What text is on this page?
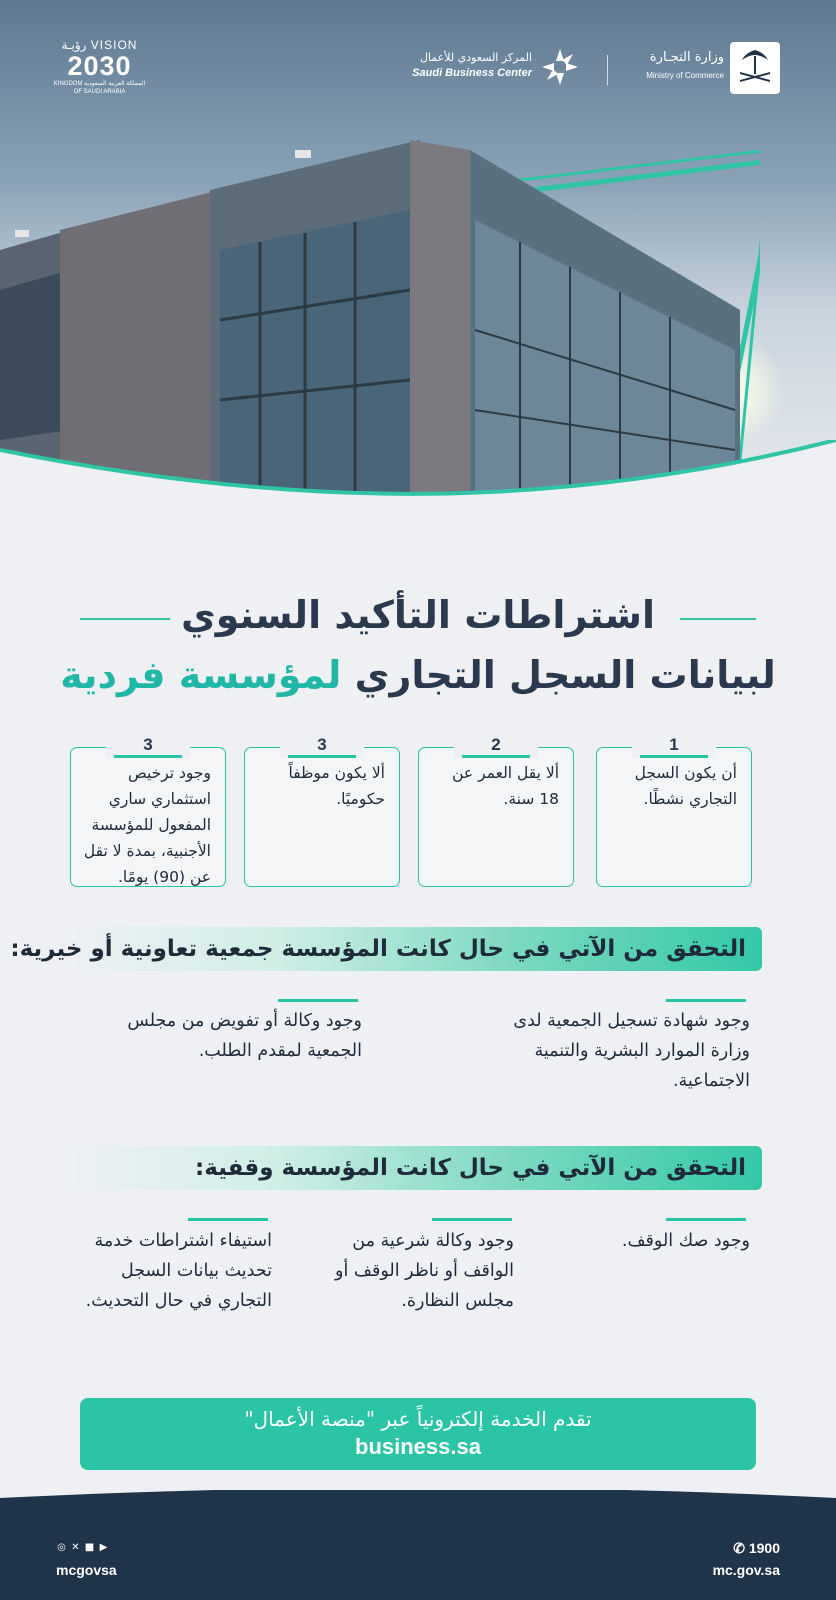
VISION رؤيـة
2030
المملكة العربية السعودية KINGDOM OF SAUDI ARABIA
المركز السعودي للأعمال
Saudi Business Center
وزارة التجـارة
Ministry of Commerce
اشتراطات التأكيد السنوي
لبيانات السجل التجاري لمؤسسة فردية
أن يكون السجل التجاري نشطًا.
1
ألا يقل العمر عن 18 سنة.
2
ألا يكون موظفاً حكوميًا.
3
وجود ترخيص استثماري ساري المفعول للمؤسسة الأجنبية، بمدة لا تقل عن (90) يومًا.
3
التحقق من الآتي في حال كانت المؤسسة جمعية تعاونية أو خيرية:
وجود شهادة تسجيل الجمعية لدى وزارة الموارد البشرية والتنمية الاجتماعية.
وجود وكالة أو تفويض من مجلس الجمعية لمقدم الطلب.
التحقق من الآتي في حال كانت المؤسسة وقفية:
وجود صك الوقف.
وجود وكالة شرعية من الواقف أو ناظر الوقف أو مجلس النظارة.
استيفاء اشتراطات خدمة تحديث بيانات السجل التجاري في حال التحديث.
تقدم الخدمة إلكترونياً عبر "منصة الأعمال"
business.sa
◎ ✕ ■ ▶
mcgovsa
✆ 1900
mc.gov.sa
